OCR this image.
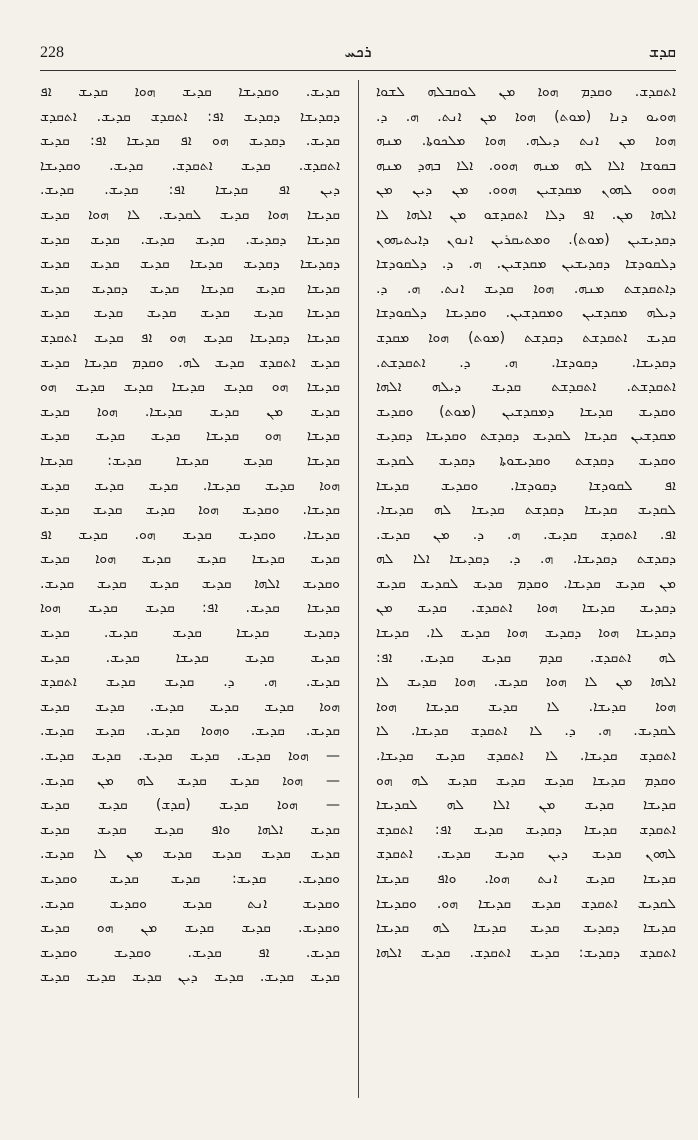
228	ܪܟܚ	ܩܕܫ
ܐܬܩܕܫ. ܘܩܕܡ ܗܘܐ ܡܢ ܠܘܩܒܠܗ ܠܫܘܐ
ܗܘܝܘ ܕܢܐ (ܡܘܬ) ܗܘܐ ܡܢ ܐܢܬ. ܗ. ܕ.
ܗܘܐ ܡܢ ܐܢܬ ܕܝܠܗ. ܗܘܐ ܡܠܟܘܬܐ. ܡܢܗ
ܒܩܘܫܐ ܐܠܐ ܠܗ ܡܢܗ ܗܘܘ. ܐܠܐ ܒܗܕ ܡܢܗ
ܗܘܘ ܠܗܘܢ ܡܩܕܫܝܢ ܗܘܘ. ܡܢ ܕܝܢ ܡܢ
ܐܠܗܐ ܡܢ. ܐܦ ܕܠܐ ܐܬܩܕܫܘ ܡܢ ܐܠܗܐ ܠܐ
ܕܩܕܝܫܝܢ (ܡܘܬ). ܘܡܬܝܩܪܝܢ ܐܢܘܢ ܕܐܝܬܝܗܘܢ
ܕܠܩܘܕܫܐ ܕܩܕܝܫܝܢ ܡܩܕܫܝܢ. ܗ. ܕ. ܕܠܩܘܕܫܐ
ܕܐܬܩܕܫܬ ܡܢܗ. ܗܘܐ ܩܕܝܫ ܐܢܬ. ܗ. ܕ.
ܕܝܠܗ ܡܩܕܫܝܢ ܘܡܩܕܫܝܢ. ܘܩܕܝܫܐ ܕܠܩܘܕܫܐ
ܩܕܝܫ ܐܬܩܕܫܬ ܕܩܕܫܬ (ܡܘܬ) ܗܘܐ ܡܩܕܫ
ܕܩܕܝܫܐ. ܕܩܘܕܫܐ. ܗ. ܕ. ܐܬܩܕܫܬ.
ܐܬܩܕܫܬ. ܐܬܩܕܫܬ ܩܕܝܫ ܕܝܠܗ ܐܠܗܐ
ܘܩܕܝܫ ܩܕܝܫܐ ܕܡܩܕܫܝܢ (ܡܘܬ) ܘܩܕܝܫ
ܡܩܕܫܝܢ ܩܕܝܫܐ ܠܩܕܝܫ ܕܩܕܫܬ ܘܩܕܝܫܐ ܕܩܕܝܫ
ܘܩܕܝܫ ܕܩܕܫܬ ܘܩܕܝܫܘܬܐ ܕܩܕܝܫ ܠܩܕܝܫ
ܐܦ ܠܩܘܕܫܐ ܕܩܘܕܫܐ. ܘܩܕܝܫ ܩܕܝܫܐ
ܠܩܕܝܫ ܩܕܝܫܐ ܕܩܕܫܬ ܩܕܝܫܐ ܠܗ ܩܕܝܫܐ.
ܐܦ. ܐܬܩܕܫ ܩܕܝܫ. ܗ. ܕ. ܡܢ ܩܕܝܫ.
ܕܩܕܫܬ ܕܩܕܝܫܐ. ܗ. ܕ. ܕܩܕܝܫܐ ܐܠܐ ܠܗ
ܡܢ ܩܕܝܫ ܩܕܝܫܐ. ܘܩܕܡ ܩܕܝܫ ܠܩܕܝܫ ܩܕܝܫ
ܕܩܕܝܫ ܩܕܝܫܐ ܗܘܐ ܐܬܩܕܫ. ܩܕܝܫ ܡܢ
ܕܩܕܝܫܐ ܗܘܐ ܕܩܕܝܫ ܗܘܐ ܩܕܝܫ ܠܐ. ܩܕܝܫܐ
ܠܗ ܐܬܩܕܫ. ܩܕܡ ܩܕܝܫ ܩܕܝܫ. ܐܦ:
ܐܠܗܐ ܡܢ ܠܐ ܗܘܐ ܩܕܝܫ. ܗܘܐ ܩܕܝܫ ܠܐ
ܗܘܐ ܩܕܝܫܐ. ܠܐ ܩܕܝܫ ܩܕܝܫܐ ܗܘܐ
ܠܩܕܝܫ. ܗ. ܕ. ܠܐ ܐܬܩܕܫ ܩܕܝܫܐ. ܠܐ
ܐܬܩܕܫ ܩܕܝܫܐ. ܠܐ ܐܬܩܕܫ ܩܕܝܫ ܩܕܝܫܐ.
ܘܩܕܡ ܩܕܝܫܐ ܩܕܝܫ ܩܕܝܫ ܩܕܝܫ ܠܗ ܗܘ
ܩܕܝܫܐ ܩܕܝܫ ܡܢ ܐܠܐ ܠܗ ܠܩܕܝܫܐ
ܐܬܩܕܫ ܩܕܝܫܐ ܕܩܕܝܫ ܩܕܝܫ ܐܦ: ܐܬܩܕܫ
ܠܗܘܢ ܩܕܝܫ ܕܝܢ ܩܕܝܫ ܩܕܝܫ. ܐܬܩܕܫ
ܩܕܝܫܐ ܩܕܝܫ ܐܢܬ ܗܘܐ. ܘܐܦ ܩܕܝܫܐ
ܠܩܕܝܫ ܐܬܩܕܫ ܩܕܝܫ ܩܕܝܫܐ ܗܘ. ܘܩܕܝܫܐ
ܩܕܝܫܐ ܕܩܕܝܫ ܩܕܝܫ ܩܕܝܫܐ ܠܗ ܩܕܝܫܐ
ܐܬܩܕܫ ܕܩܕܝܫ: ܩܕܝܫ ܐܬܩܕܫ. ܩܕܝܫ ܐܠܗܐ
ܩܕܝܫ. ܘܩܕܝܫܐ ܩܕܝܫ ܗܘܐ ܩܕܝܫ ܐܦ
ܕܩܕܝܫܐ ܕܩܕܝܫ ܐܦ: ܐܬܩܕܫ ܩܕܝܫ. ܐܬܩܕܫ
ܩܕܝܫ. ܕܩܕܝܫ ܗܘ ܐܦ ܩܕܝܫܐ ܐܦ: ܩܕܝܫ
ܐܬܩܕܫ. ܩܕܝܫ ܐܬܩܕܫ. ܩܕܝܫ. ܘܩܕܝܫܐ
ܕܝܢ ܐܦ ܩܕܝܫܐ ܐܦ: ܩܕܝܫ. ܩܕܝܫ.
ܩܕܝܫܐ ܗܘܐ ܩܕܝܫ ܠܩܕܝܫ. ܠܐ ܗܘܐ ܩܕܝܫ
ܩܕܝܫܐ ܕܩܕܝܫ. ܩܕܝܫ ܩܕܝܫ. ܩܕܝܫ ܩܕܝܫ
ܕܩܕܝܫܐ ܕܩܕܝܫ ܩܕܝܫܐ ܩܕܝܫ ܩܕܝܫ ܩܕܝܫ
ܩܕܝܫܐ ܩܕܝܫ ܩܕܝܫܐ ܩܕܝܫ ܕܩܕܝܫ ܩܕܝܫ
ܩܕܝܫܐ ܩܕܝܫ ܩܕܝܫ ܩܕܝܫ ܩܕܝܫ ܩܕܝܫ
ܩܕܝܫܐ ܕܩܕܝܫܐ ܩܕܝܫ ܗܘ ܐܦ ܩܕܝܫ ܐܬܩܕܫ
ܩܕܝܫ ܐܬܩܕܫ ܩܕܝܫ ܠܗ. ܘܩܕܡ ܩܕܝܫܐ ܩܕܝܫ
ܩܕܝܫܐ ܗܘ ܩܕܝܫ ܩܕܝܫܐ ܩܕܝܫ ܩܕܝܫ ܗܘ
ܩܕܝܫ ܡܢ ܩܕܝܫ ܩܕܝܫܐ. ܗܘܐ ܩܕܝܫ
ܩܕܝܫܐ ܗܘ ܩܕܝܫܐ ܩܕܝܫ ܩܕܝܫ ܩܕܝܫ
ܩܕܝܫܐ ܩܕܝܫ ܩܕܝܫܐ ܩܕܝܫ: ܩܕܝܫܐ
ܗܘܐ ܩܕܝܫ ܩܕܝܫܐ. ܩܕܝܫ ܩܕܝܫ ܩܕܝܫ
ܩܕܝܫܐ. ܘܩܕܝܫ ܗܘܐ ܩܕܝܫ ܩܕܝܫ ܩܕܝܫ
ܩܕܝܫܐ. ܘܩܕܝܫ ܩܕܝܫ ܗܘ. ܩܕܝܫ ܐܦ
ܩܕܝܫ ܩܕܝܫܐ ܩܕܝܫ ܩܕܝܫ ܗܘܐ ܩܕܝܫ
ܘܩܕܝܫ ܐܠܗܐ ܩܕܝܫ ܩܕܝܫ ܩܕܝܫ ܩܕܝܫ.
ܩܕܝܫܐ ܩܕܝܫ. ܐܦ: ܩܕܝܫ ܩܕܝܫ ܗܘܐ
ܕܩܕܝܫ ܩܕܝܫܐ ܩܕܝܫ ܩܕܝܫ. ܩܕܝܫ
ܩܕܝܫ ܩܕܝܫ ܩܕܝܫܐ ܩܕܝܫ. ܩܕܝܫ
ܩܕܝܫ. ܗ. ܕ. ܩܕܝܫ ܩܕܝܫ ܐܬܩܕܫ
ܗܘܐ ܩܕܝܫ ܩܕܝܫ ܩܕܝܫ. ܩܕܝܫ ܩܕܝܫ
ܩܕܝܫ. ܩܕܝܫ. ܘܗܘܐ ܩܕܝܫ. ܩܕܝܫ ܩܕܝܫ.
— ܗܘܐ ܩܕܝܫ. ܩܕܝܫ ܩܕܝܫ. ܩܕܝܫ ܩܕܝܫ.
— ܗܘܐ ܩܕܝܫ ܩܕܝܫ ܠܗ ܡܢ ܩܕܝܫ.
— ܗܘܐ ܩܕܝܫ (ܩܕܫ) ܩܕܝܫ ܩܕܝܫ
ܩܕܝܫ ܐܠܗܐ ܘܐܦ ܩܕܝܫ ܩܕܝܫ ܩܕܝܫ
ܩܕܝܫ ܩܕܝܫ ܩܕܝܫ ܩܕܝܫ ܡܢ ܠܐ ܩܕܝܫ.
ܘܩܕܝܫ. ܩܕܝܫ: ܩܕܝܫ ܩܕܝܫ ܘܩܕܝܫ
ܘܩܕܝܫ ܐܢܬ ܩܕܝܫ ܘܩܕܝܫ ܩܕܝܫ.
ܘܩܕܝܫ. ܩܕܝܫ ܩܕܝܫ ܡܢ ܗܘ ܩܕܝܫ
ܩܕܝܫ. ܐܦ ܩܕܝܫ. ܘܩܕܝܫ ܘܩܕܝܫ
ܩܕܝܫ ܩܕܝܫ. ܩܕܝܫ ܕܝܢ ܩܕܝܫ ܩܕܝܫ ܩܕܝܫ
